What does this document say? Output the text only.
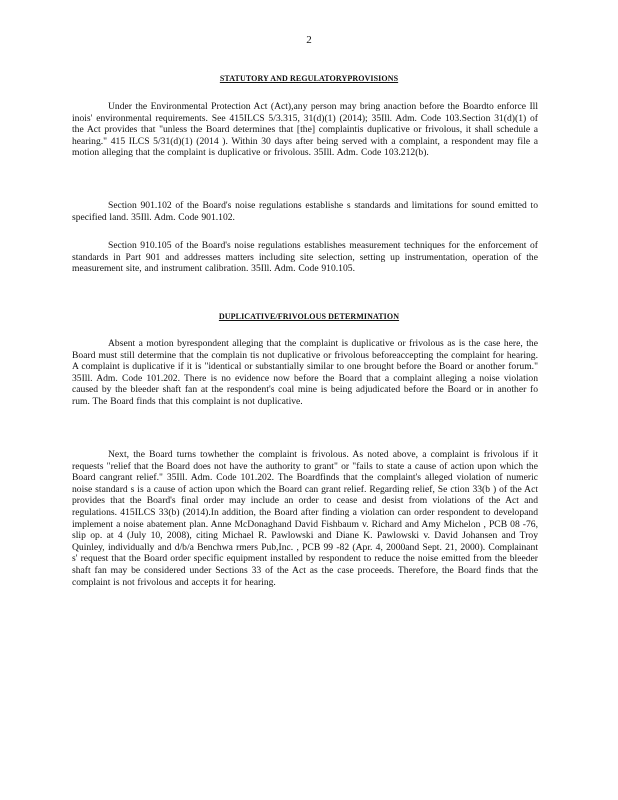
2
STATUTORY AND REGULATORYPROVISIONS
Under the Environmental Protection Act (Act),any person may bring anaction before the Boardto enforce Ill inois' environmental requirements. See 415ILCS 5/3.315, 31(d)(1) (2014); 35Ill. Adm. Code 103.Section 31(d)(1) of the Act provides that "unless the Board determines that [the] complaintis duplicative or frivolous, it shall schedule a hearing." 415 ILCS 5/31(d)(1) (2014 ). Within 30 days after being served with a complaint, a respondent may file a motion alleging that the complaint is duplicative or frivolous. 35Ill. Adm. Code 103.212(b).
Section 901.102 of the Board's noise regulations establishe s standards and limitations for sound emitted to specified land. 35Ill. Adm. Code 901.102.
Section 910.105 of the Board's noise regulations establishes measurement techniques for the enforcement of standards in Part 901 and addresses matters including site selection, setting up instrumentation, operation of the measurement site, and instrument calibration. 35Ill. Adm. Code 910.105.
DUPLICATIVE/FRIVOLOUS DETERMINATION
Absent a motion byrespondent alleging that the complaint is duplicative or frivolous as is the case here, the Board must still determine that the complain tis not duplicative or frivolous beforeaccepting the complaint for hearing. A complaint is duplicative if it is "identical or substantially similar to one brought before the Board or another forum." 35Ill. Adm. Code 101.202. There is no evidence now before the Board that a complaint alleging a noise violation caused by the bleeder shaft fan at the respondent's coal mine is being adjudicated before the Board or in another fo rum. The Board finds that this complaint is not duplicative.
Next, the Board turns towhether the complaint is frivolous. As noted above, a complaint is frivolous if it requests "relief that the Board does not have the authority to grant" or "fails to state a cause of action upon which the Board cangrant relief." 35Ill. Adm. Code 101.202. The Boardfinds that the complaint's alleged violation of numeric noise standard s is a cause of action upon which the Board can grant relief. Regarding relief, Se ction 33(b ) of the Act provides that the Board's final order may include an order to cease and desist from violations of the Act and regulations. 415ILCS 33(b) (2014).In addition, the Board after finding a violation can order respondent to developand implement a noise abatement plan. Anne McDonaghand David Fishbaum v. Richard and Amy Michelon , PCB 08 -76, slip op. at 4 (July 10, 2008), citing Michael R. Pawlowski and Diane K. Pawlowski v. David Johansen and Troy Quinley, individually and d/b/a Benchwa rmers Pub,Inc. , PCB 99 -82 (Apr. 4, 2000and Sept. 21, 2000). Complainant s' request that the Board order specific equipment installed by respondent to reduce the noise emitted from the bleeder shaft fan may be considered under Sections 33 of the Act as the case proceeds. Therefore, the Board finds that the complaint is not frivolous and accepts it for hearing.
